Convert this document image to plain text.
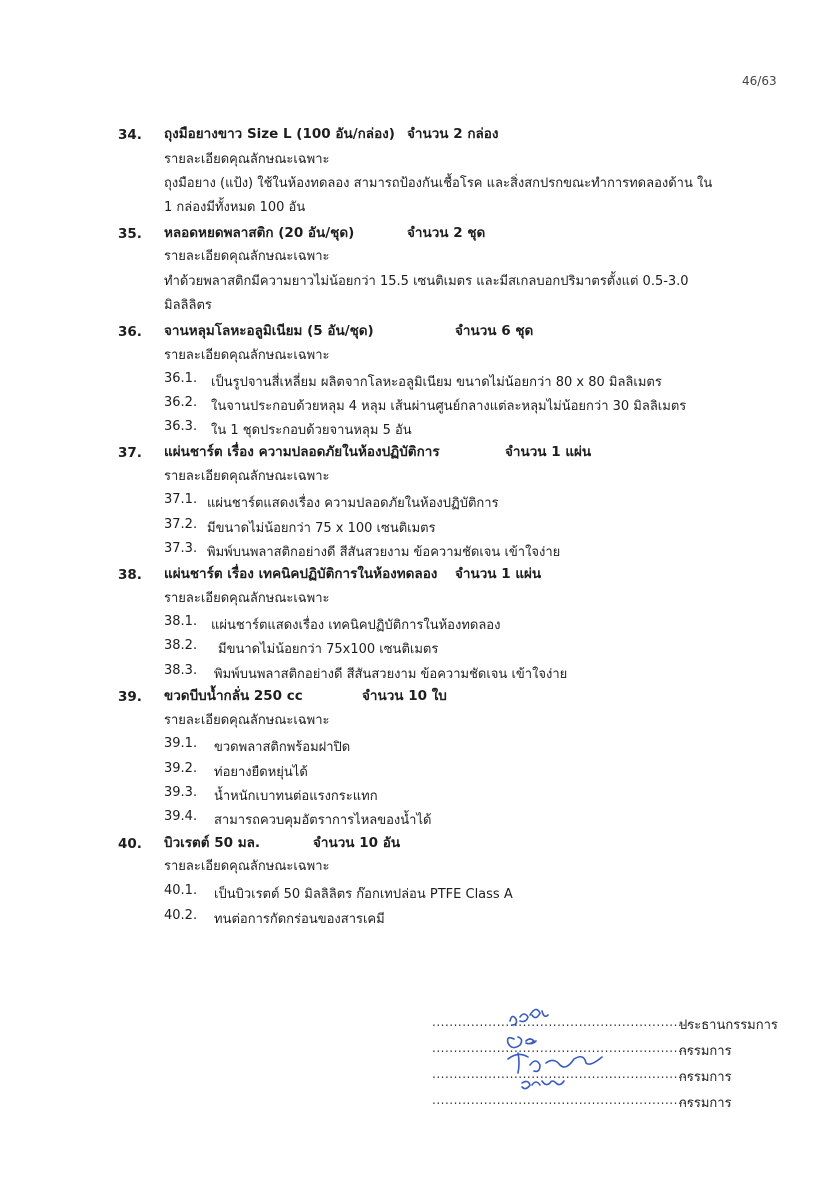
46/63
34. ถุงมือยางขาว Size L (100 อัน/กล่อง) จำนวน 2 กล่อง
รายละเอียดคุณลักษณะเฉพาะ
ถุงมือยาง (แป้ง) ใช้ในห้องทดลอง สามารถป้องกันเชื้อโรค และสิ่งสกปรกขณะทำการทดลองด้าน ใน
1 กล่องมีทั้งหมด 100 อัน
35. หลอดหยดพลาสติก (20 อัน/ชุด)	จำนวน 2 ชุด
รายละเอียดคุณลักษณะเฉพาะ
ทำด้วยพลาสติกมีความยาวไม่น้อยกว่า 15.5 เซนติเมตร และมีสเกลบอกปริมาตรตั้งแต่ 0.5-3.0
มิลลิลิตร
36. จานหลุมโลหะอลูมิเนียม (5 อัน/ชุด)	จำนวน 6 ชุด
รายละเอียดคุณลักษณะเฉพาะ
36.1. เป็นรูปจานสี่เหลี่ยม ผลิตจากโลหะอลูมิเนียม ขนาดไม่น้อยกว่า 80 x 80 มิลลิเมตร
36.2. ในจานประกอบด้วยหลุม 4 หลุม เส้นผ่านศูนย์กลางแต่ละหลุมไม่น้อยกว่า 30 มิลลิเมตร
36.3. ใน 1 ชุดประกอบด้วยจานหลุม 5 อัน
37. แผ่นชาร์ต เรื่อง ความปลอดภัยในห้องปฏิบัติการ	จำนวน 1 แผ่น
รายละเอียดคุณลักษณะเฉพาะ
37.1. แผ่นชาร์ตแสดงเรื่อง ความปลอดภัยในห้องปฏิบัติการ
37.2. มีขนาดไม่น้อยกว่า 75 x 100 เซนติเมตร
37.3. พิมพ์บนพลาสติกอย่างดี สีสันสวยงาม ข้อความชัดเจน เข้าใจง่าย
38. แผ่นชาร์ต เรื่อง เทคนิคปฏิบัติการในห้องทดลอง จำนวน 1 แผ่น
รายละเอียดคุณลักษณะเฉพาะ
38.1. แผ่นชาร์ตแสดงเรื่อง เทคนิคปฏิบัติการในห้องทดลอง
38.2. มีขนาดไม่น้อยกว่า 75x100 เซนติเมตร
38.3. พิมพ์บนพลาสติกอย่างดี สีสันสวยงาม ข้อความชัดเจน เข้าใจง่าย
39. ขวดบีบน้ำกลั่น 250 cc	จำนวน 10 ใบ
รายละเอียดคุณลักษณะเฉพาะ
39.1. ขวดพลาสติกพร้อมฝาปิด
39.2. ท่อยางยืดหยุ่นได้
39.3. น้ำหนักเบาทนต่อแรงกระแทก
39.4. สามารถควบคุมอัตราการไหลของน้ำได้
40. บิวเรตต์ 50 มล.	จำนวน 10 อัน
รายละเอียดคุณลักษณะเฉพาะ
40.1. เป็นบิวเรตต์ 50 มิลลิลิตร ก๊อกเทปล่อน PTFE Class A
40.2. ทนต่อการกัดกร่อนของสารเคมี
............................................................
ประธานกรรมการ
............................................................
กรรมการ
............................................................
กรรมการ
............................................................
กรรมการ
